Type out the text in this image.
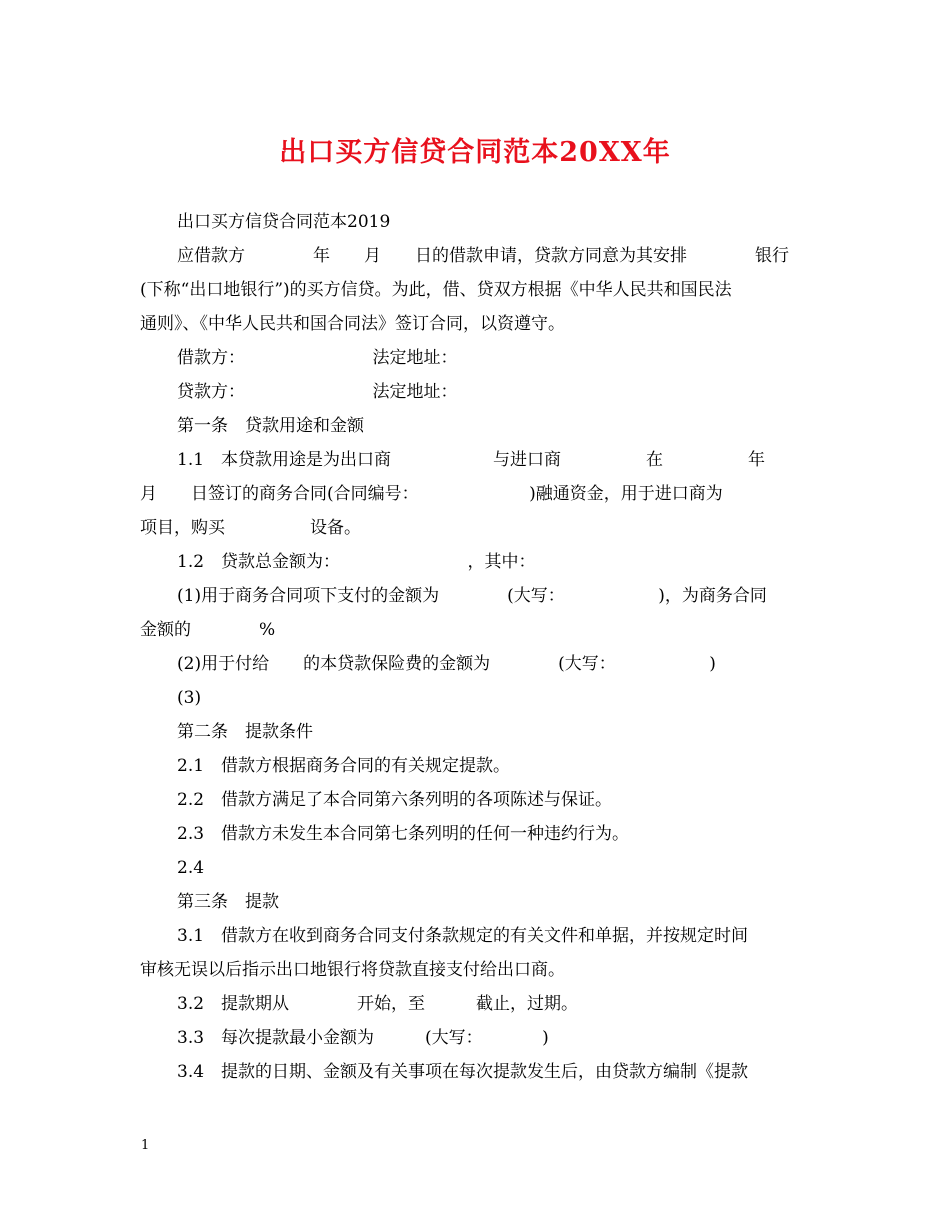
出口买方信贷合同范本20XX年
出口买方信贷合同范本2019
应借款方　　　　年　　月　　日的借款申请，贷款方同意为其安排　　　　银行
(下称“出口地银行”)的买方信贷。为此，借、贷双方根据《中华人民共和国民法
通则》、《中华人民共和国合同法》签订合同，以资遵守。
借款方：　　　　　　　　法定地址：
贷款方：　　　　　　　　法定地址：
第一条　贷款用途和金额
1.1　本贷款用途是为出口商　　　　　　与进口商　　　　　在　　　　　年
月　　日签订的商务合同(合同编号：　　　　　　　)融通资金，用于进口商为
项目，购买　　　　　设备。
1.2　贷款总金额为：　　　　　　　　，其中：
(1)用于商务合同项下支付的金额为　　　　(大写：　　　　　　)，为商务合同
金额的　　　　%
(2)用于付给　　的本贷款保险费的金额为　　　　(大写：　　　　　　)
(3)
第二条　提款条件
2.1　借款方根据商务合同的有关规定提款。
2.2　借款方满足了本合同第六条列明的各项陈述与保证。
2.3　借款方未发生本合同第七条列明的任何一种违约行为。
2.4
第三条　提款
3.1　借款方在收到商务合同支付条款规定的有关文件和单据，并按规定时间
审核无误以后指示出口地银行将贷款直接支付给出口商。
3.2　提款期从　　　　开始，至　　　截止，过期。
3.3　每次提款最小金额为　　　(大写：　　　　)
3.4　提款的日期、金额及有关事项在每次提款发生后，由贷款方编制《提款
1
